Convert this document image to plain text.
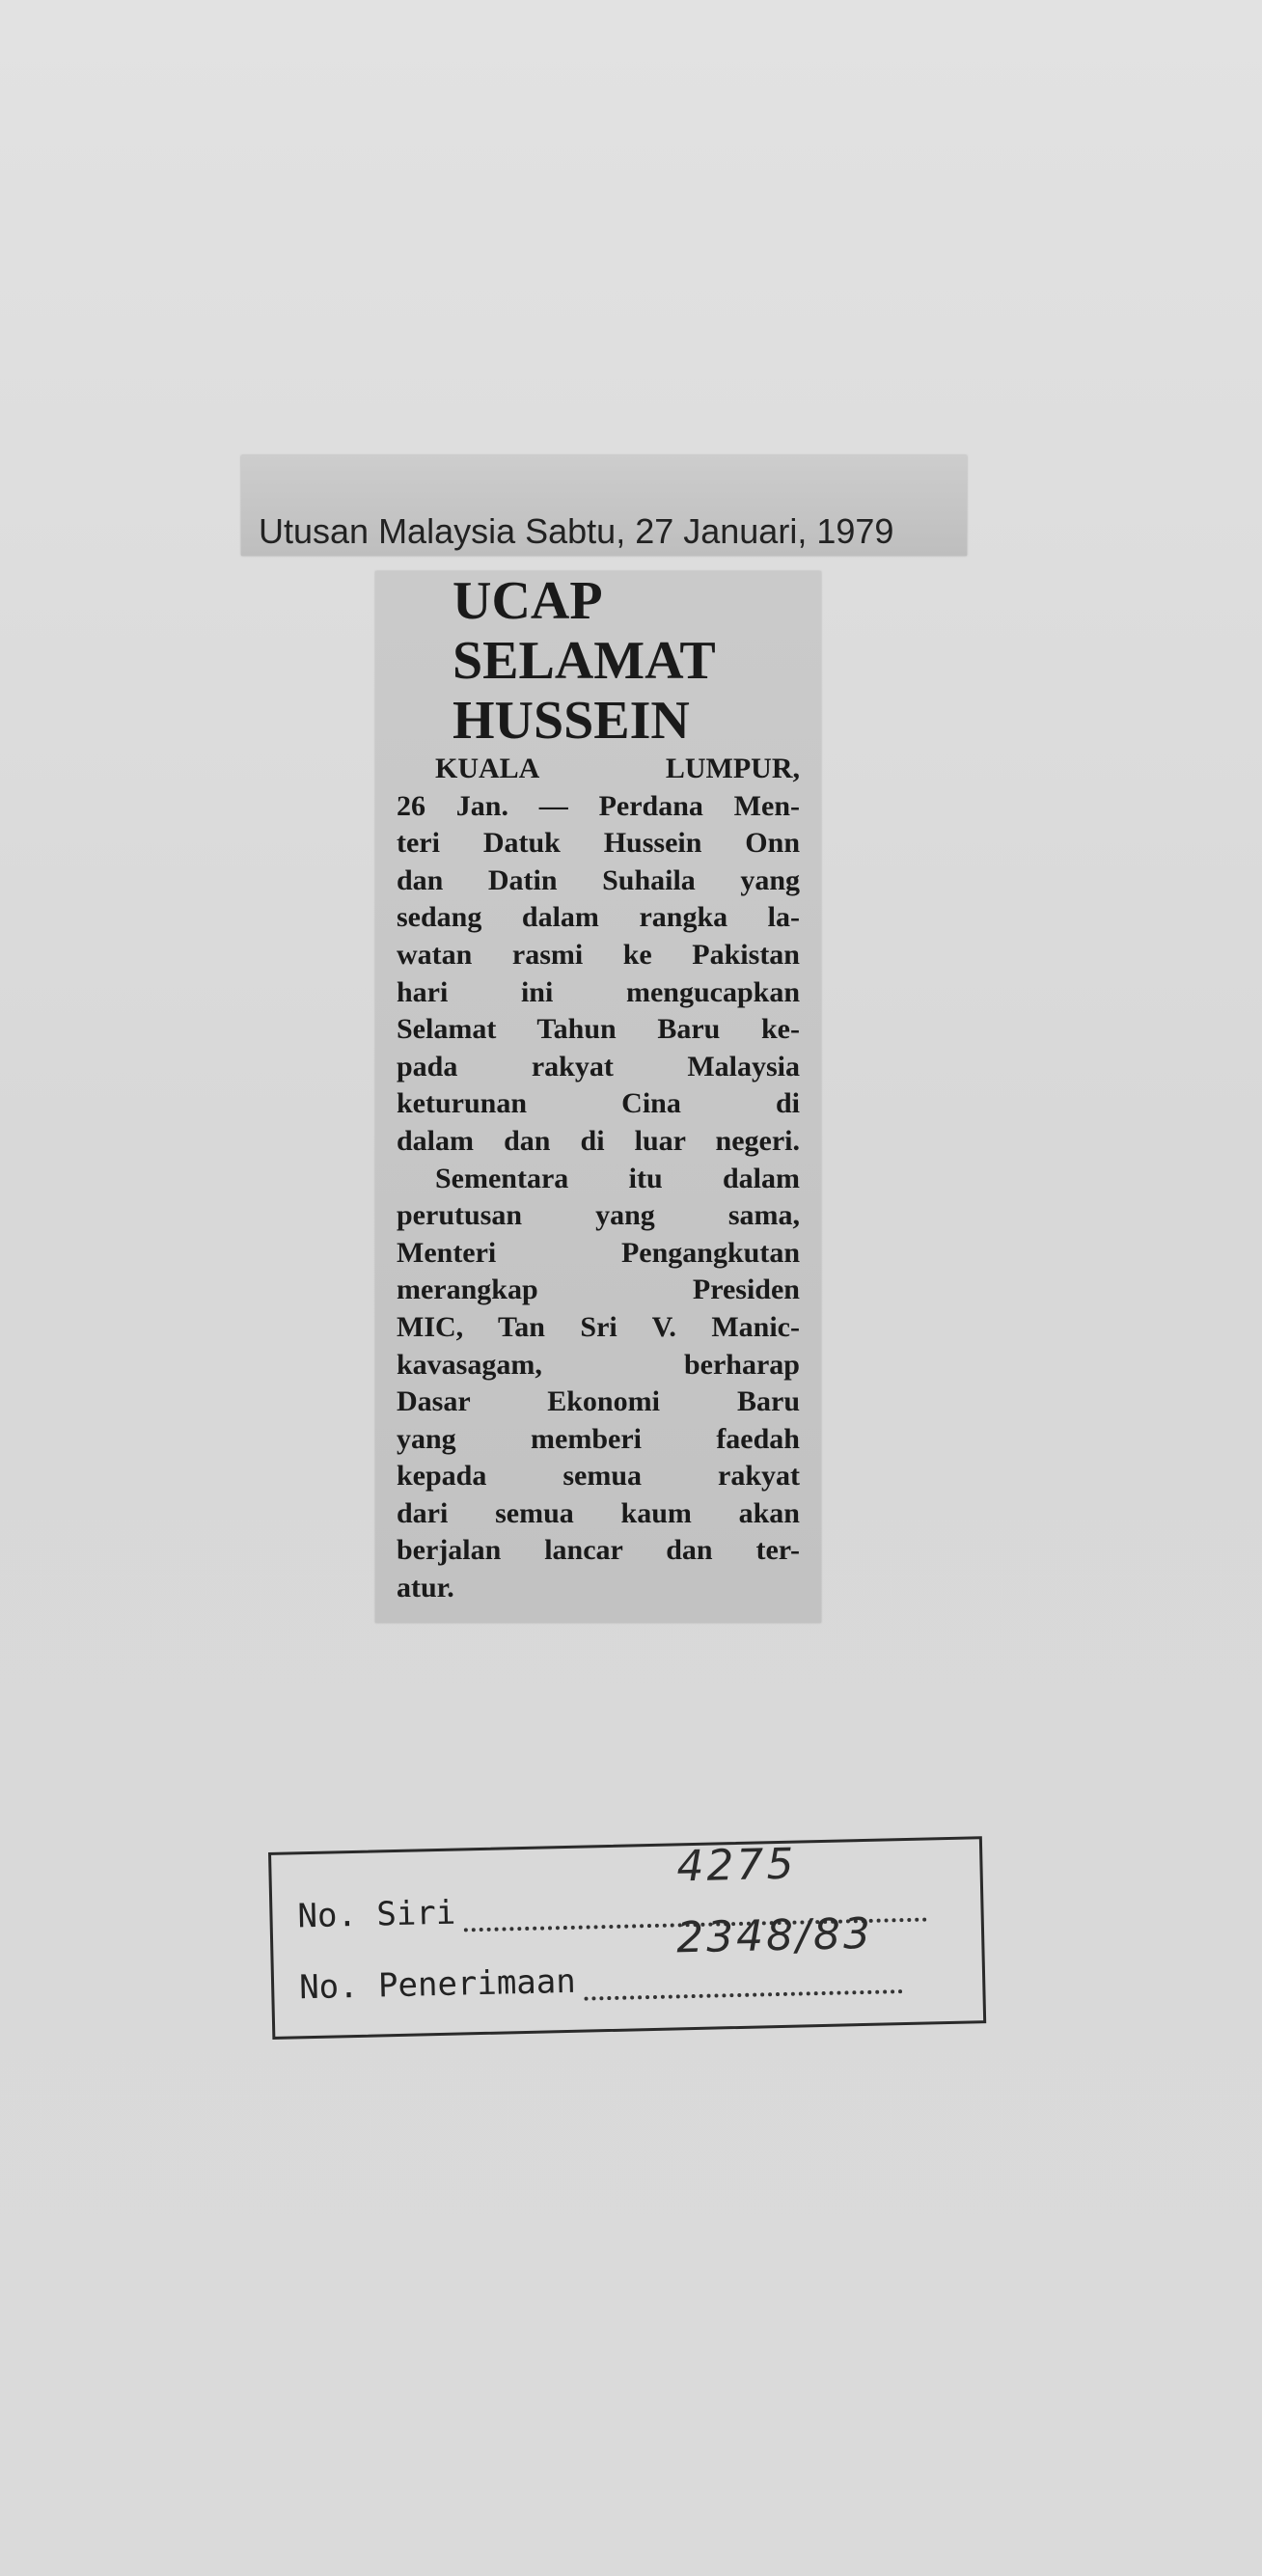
Utusan Malaysia Sabtu, 27 Januari, 1979
UCAP
SELAMAT
HUSSEIN
KUALA LUMPUR,
26 Jan. — Perdana Men-
teri Datuk Hussein Onn
dan Datin Suhaila yang
sedang dalam rangka la-
watan rasmi ke Pakistan
hari ini mengucapkan
Selamat Tahun Baru ke-
pada rakyat Malaysia
keturunan Cina di
dalam dan di luar negeri.
Sementara itu dalam
perutusan yang sama,
Menteri Pengangkutan
merangkap Presiden
MIC, Tan Sri V. Manic-
kavasagam, berharap
Dasar Ekonomi Baru
yang memberi faedah
kepada semua rakyat
dari semua kaum akan
berjalan lancar dan ter-
atur.
No. Siri
4275
No. Penerimaan
2348/83
